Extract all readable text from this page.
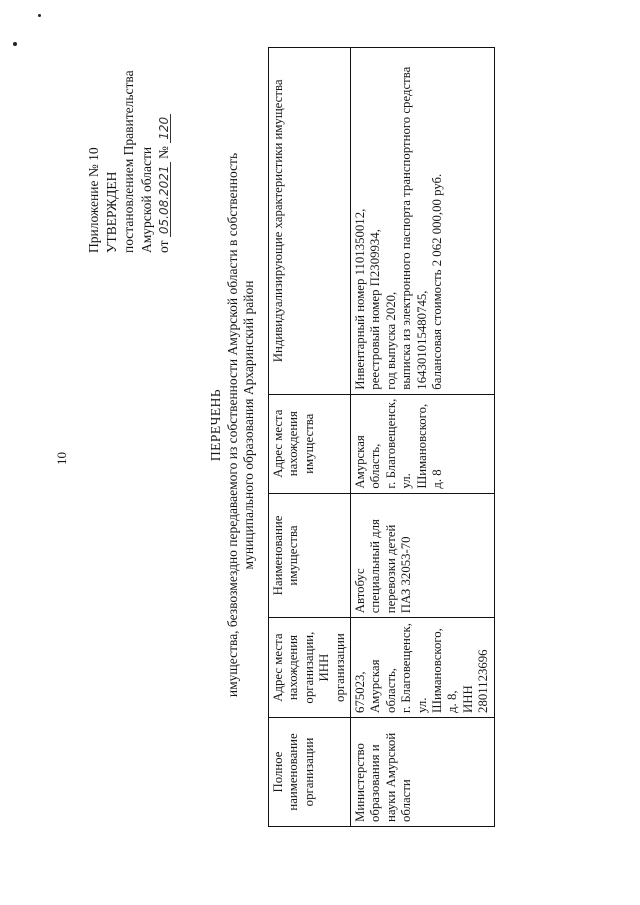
10
Приложение № 10 УТВЕРЖДЕН постановлением Правительства Амурской области от 05.08.2021 № 120
ПЕРЕЧЕНЬ имущества, безвозмездно передаваемого из собственности Амурской области в собственность муниципального образования Архаринский район
Полное наименование организации	Адрес места нахождения организации, ИНН организации	Наименование имущества	Адрес места нахождения имущества	Индивидуализирующие характеристики имущества
Министерство образования и науки Амурской области	675023, Амурская область,
г. Благовещенск,
ул. Шимановского,
д. 8,
ИНН 2801123696	Автобус специальный для перевозки детей ПАЗ 32053-70	Амурская область,
г. Благовещенск,
ул. Шимановского,
д. 8	Инвентарный номер 1101350012,
реестровый номер П2309934,
год выпуска 2020,
выписка из электронного паспорта транспортного средства 164301015480745,
балансовая стоимость 2 062 000,00 руб.
